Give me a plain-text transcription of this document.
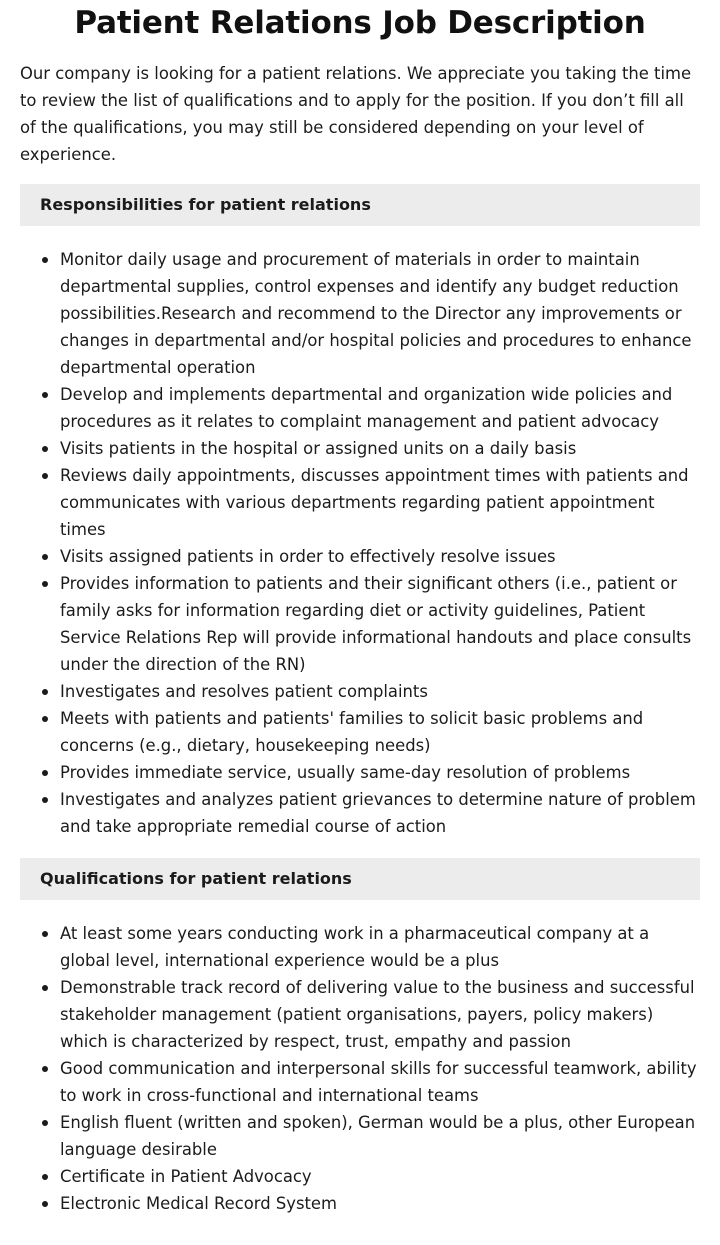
Patient Relations Job Description

Our company is looking for a patient relations. We appreciate you taking the time to review the list of qualifications and to apply for the position. If you don’t fill all of the qualifications, you may still be considered depending on your level of experience.

Responsibilities for patient relations
Monitor daily usage and procurement of materials in order to maintain departmental supplies, control expenses and identify any budget reduction possibilities.Research and recommend to the Director any improvements or changes in departmental and/or hospital policies and procedures to enhance departmental operation
Develop and implements departmental and organization wide policies and procedures as it relates to complaint management and patient advocacy
Visits patients in the hospital or assigned units on a daily basis
Reviews daily appointments, discusses appointment times with patients and communicates with various departments regarding patient appointment times
Visits assigned patients in order to effectively resolve issues
Provides information to patients and their significant others (i.e., patient or family asks for information regarding diet or activity guidelines, Patient Service Relations Rep will provide informational handouts and place consults under the direction of the RN)
Investigates and resolves patient complaints
Meets with patients and patients' families to solicit basic problems and concerns (e.g., dietary, housekeeping needs)
Provides immediate service, usually same-day resolution of problems
Investigates and analyzes patient grievances to determine nature of problem and take appropriate remedial course of action
Qualifications for patient relations
At least some years conducting work in a pharmaceutical company at a global level, international experience would be a plus
Demonstrable track record of delivering value to the business and successful stakeholder management (patient organisations, payers, policy makers) which is characterized by respect, trust, empathy and passion
Good communication and interpersonal skills for successful teamwork, ability to work in cross-functional and international teams
English fluent (written and spoken), German would be a plus, other European language desirable
Certificate in Patient Advocacy
Electronic Medical Record System
